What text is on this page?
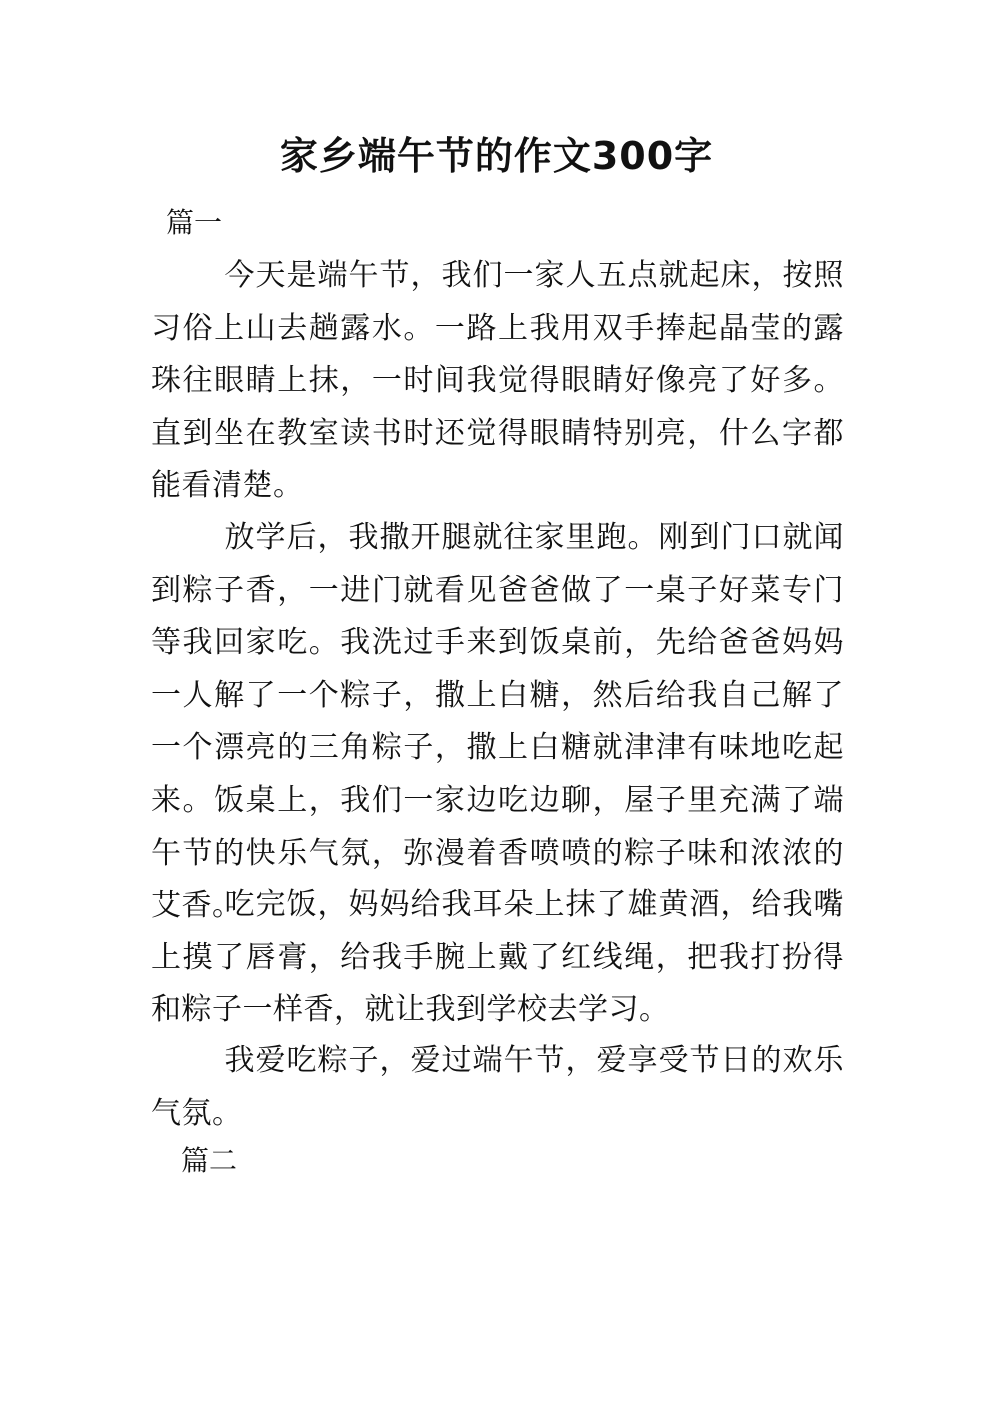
家乡端午节的作文300字

篇一

今天是端午节，我们一家人五点就起床，按照习俗上山去趟露水。一路上我用双手捧起晶莹的露珠往眼睛上抹，一时间我觉得眼睛好像亮了好多。直到坐在教室读书时还觉得眼睛特别亮，什么字都能看清楚。

放学后，我撒开腿就往家里跑。刚到门口就闻到粽子香，一进门就看见爸爸做了一桌子好菜专门等我回家吃。我洗过手来到饭桌前，先给爸爸妈妈一人解了一个粽子，撒上白糖，然后给我自己解了一个漂亮的三角粽子，撒上白糖就津津有味地吃起来。饭桌上，我们一家边吃边聊，屋子里充满了端午节的快乐气氛，弥漫着香喷喷的粽子味和浓浓的艾香。

吃完饭，妈妈给我耳朵上抹了雄黄酒，给我嘴上摸了唇膏，给我手腕上戴了红线绳，把我打扮得和粽子一样香，就让我到学校去学习。

我爱吃粽子，爱过端午节，爱享受节日的欢乐气氛。

篇二
